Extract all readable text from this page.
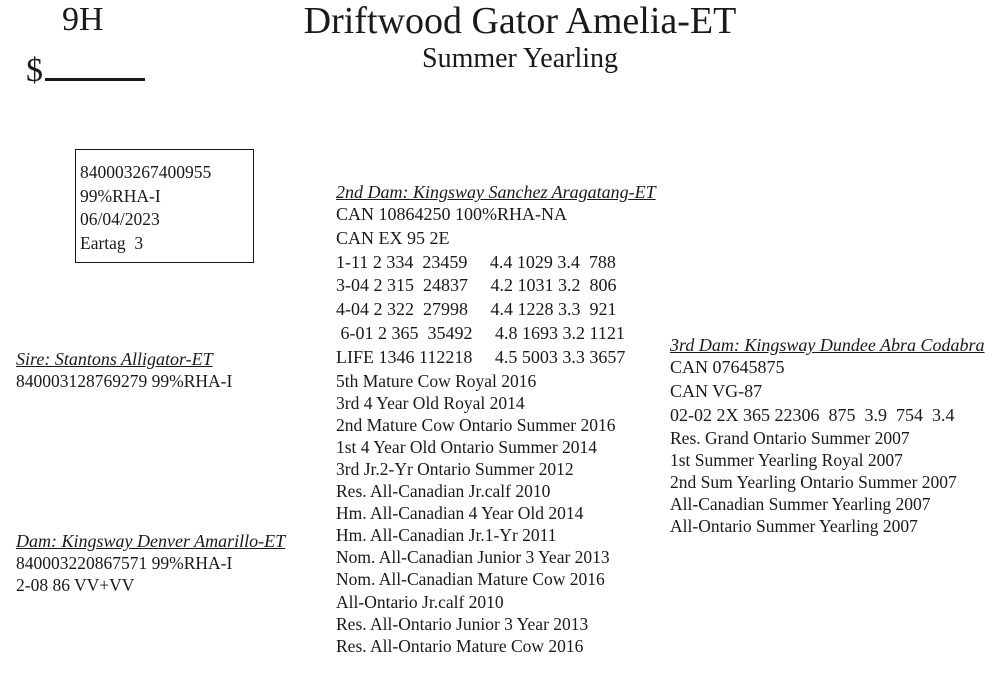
9H
$
Driftwood Gator Amelia-ET
Summer Yearling
840003267400955
99%RHA-I
06/04/2023
Eartag  3
Sire: Stantons Alligator-ET
840003128769279 99%RHA-I
Dam: Kingsway Denver Amarillo-ET
840003220867571 99%RHA-I
2-08 86 VV+VV
2nd Dam: Kingsway Sanchez Aragatang-ET
CAN 10864250 100%RHA-NA
CAN EX 95 2E
1-11 2 334  23459     4.4 1029 3.4  788
3-04 2 315  24837     4.2 1031 3.2  806
4-04 2 322  27998     4.4 1228 3.3  921
6-01 2 365  35492     4.8 1693 3.2 1121
LIFE 1346 112218     4.5 5003 3.3 3657
5th Mature Cow Royal 2016
3rd 4 Year Old Royal 2014
2nd Mature Cow Ontario Summer 2016
1st 4 Year Old Ontario Summer 2014
3rd Jr.2-Yr Ontario Summer 2012
Res. All-Canadian Jr.calf 2010
Hm. All-Canadian 4 Year Old 2014
Hm. All-Canadian Jr.1-Yr 2011
Nom. All-Canadian Junior 3 Year 2013
Nom. All-Canadian Mature Cow 2016
All-Ontario Jr.calf 2010
Res. All-Ontario Junior 3 Year 2013
Res. All-Ontario Mature Cow 2016
3rd Dam: Kingsway Dundee Abra Codabra
CAN 07645875
CAN VG-87
02-02 2X 365 22306  875  3.9  754  3.4
Res. Grand Ontario Summer 2007
1st Summer Yearling Royal 2007
2nd Sum Yearling Ontario Summer 2007
All-Canadian Summer Yearling 2007
All-Ontario Summer Yearling 2007
